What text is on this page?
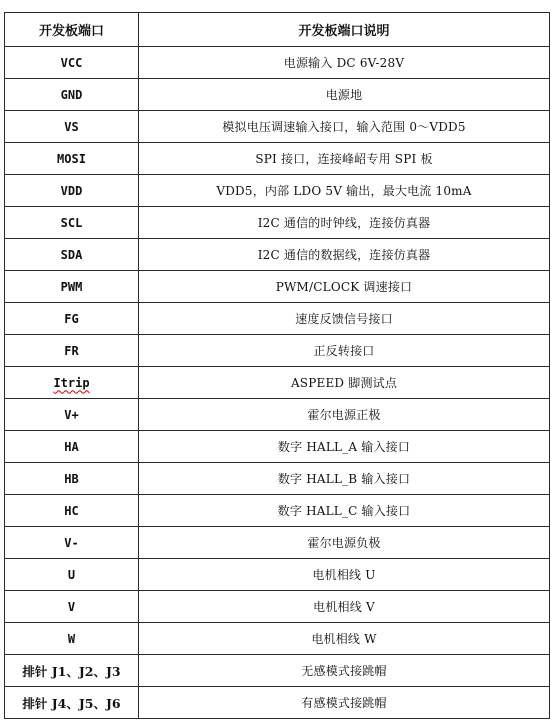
开发板端口	开发板端口说明
VCC	电源输入 DC 6V-28V
GND	电源地
VS	模拟电压调速输入接口，输入范围 0～VDD5
MOSI	SPI 接口，连接峰岹专用 SPI 板
VDD	VDD5，内部 LDO 5V 输出，最大电流 10mA
SCL	I2C 通信的时钟线，连接仿真器
SDA	I2C 通信的数据线，连接仿真器
PWM	PWM/CLOCK 调速接口
FG	速度反馈信号接口
FR	正反转接口
Itrip	ASPEED 脚测试点
V+	霍尔电源正极
HA	数字 HALL_A 输入接口
HB	数字 HALL_B 输入接口
HC	数字 HALL_C 输入接口
V-	霍尔电源负极
U	电机相线 U
V	电机相线 V
W	电机相线 W
排针 J1、J2、J3	无感模式接跳帽
排针 J4、J5、J6	有感模式接跳帽
